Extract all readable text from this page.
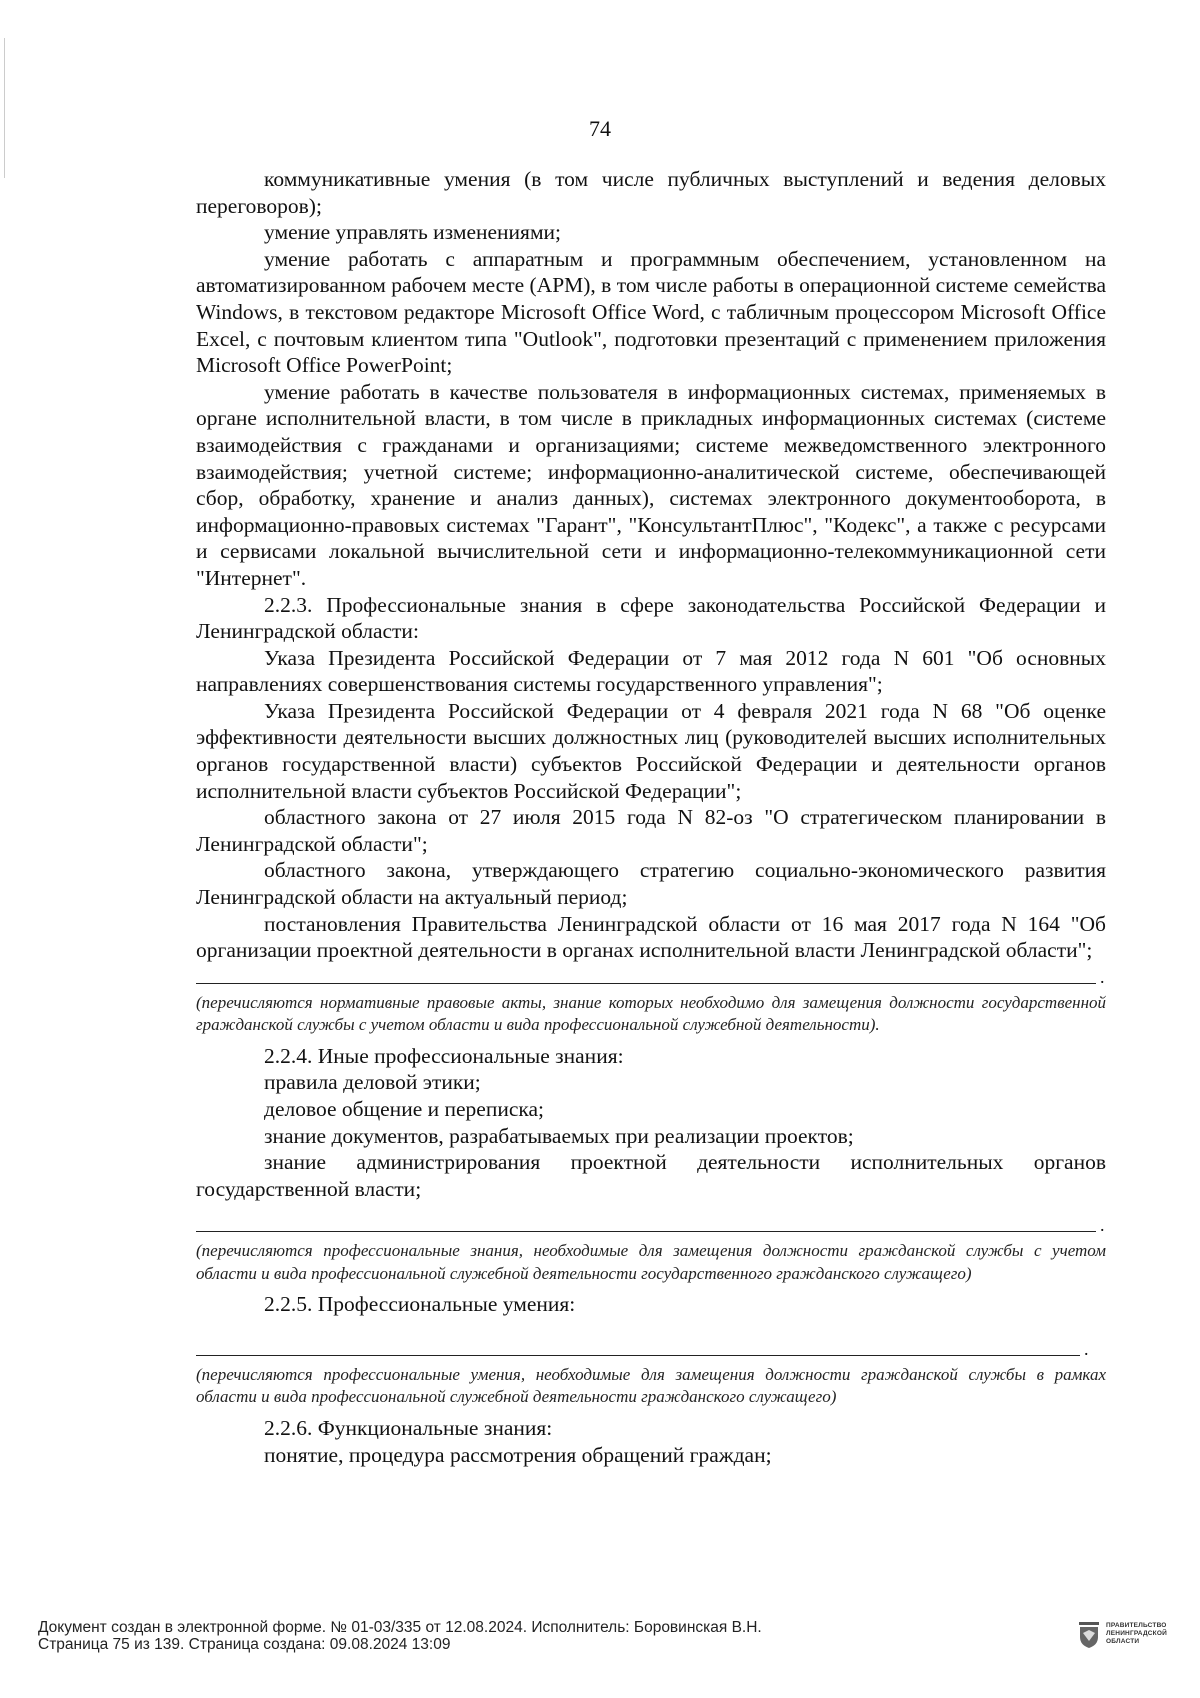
74

коммуникативные умения (в том числе публичных выступлений и ведения деловых переговоров);

умение управлять изменениями;

умение работать с аппаратным и программным обеспечением, установленном на автоматизированном рабочем месте (АРМ), в том числе работы в операционной системе семейства Windows, в текстовом редакторе Microsoft Office Word, с табличным процессором Microsoft Office Excel, с почтовым клиентом типа "Outlook", подготовки презентаций с применением приложения Microsoft Office PowerPoint;

умение работать в качестве пользователя в информационных системах, применяемых в органе исполнительной власти, в том числе в прикладных информационных системах (системе взаимодействия с гражданами и организациями; системе межведомственного электронного взаимодействия; учетной системе; информационно-аналитической системе, обеспечивающей сбор, обработку, хранение и анализ данных), системах электронного документооборота, в информационно-правовых системах "Гарант", "КонсультантПлюс", "Кодекс", а также с ресурсами и сервисами локальной вычислительной сети и информационно-телекоммуникационной сети "Интернет".

2.2.3. Профессиональные знания в сфере законодательства Российской Федерации и Ленинградской области:

Указа Президента Российской Федерации от 7 мая 2012 года N 601 "Об основных направлениях совершенствования системы государственного управления";

Указа Президента Российской Федерации от 4 февраля 2021 года N 68 "Об оценке эффективности деятельности высших должностных лиц (руководителей высших исполнительных органов государственной власти) субъектов Российской Федерации и деятельности органов исполнительной власти субъектов Российской Федерации";

областного закона от 27 июля 2015 года N 82-оз "О стратегическом планировании в Ленинградской области";

областного закона, утверждающего стратегию социально-экономического развития Ленинградской области на актуальный период;

постановления Правительства Ленинградской области от 16 мая 2017 года N 164 "Об организации проектной деятельности в органах исполнительной власти Ленинградской области";

.

(перечисляются нормативные правовые акты, знание которых необходимо для замещения должности государственной гражданской службы с учетом области и вида профессиональной служебной деятельности).

2.2.4. Иные профессиональные знания:

правила деловой этики;

деловое общение и переписка;

знание документов, разрабатываемых при реализации проектов;

знание администрирования проектной деятельности исполнительных органов государственной власти;

.

(перечисляются профессиональные знания, необходимые для замещения должности гражданской службы с учетом области и вида профессиональной служебной деятельности государственного гражданского служащего)

2.2.5. Профессиональные умения:

.

(перечисляются профессиональные умения, необходимые для замещения должности гражданской службы в рамках области и вида профессиональной служебной деятельности гражданского служащего)

2.2.6. Функциональные знания:

понятие, процедура рассмотрения обращений граждан;

Документ создан в электронной форме. № 01-03/335 от 12.08.2024. Исполнитель: Боровинская В.Н.
Страница 75 из 139. Страница создана: 09.08.2024 13:09
ПРАВИТЕЛЬСТВО
ЛЕНИНГРАДСКОЙ
ОБЛАСТИ
